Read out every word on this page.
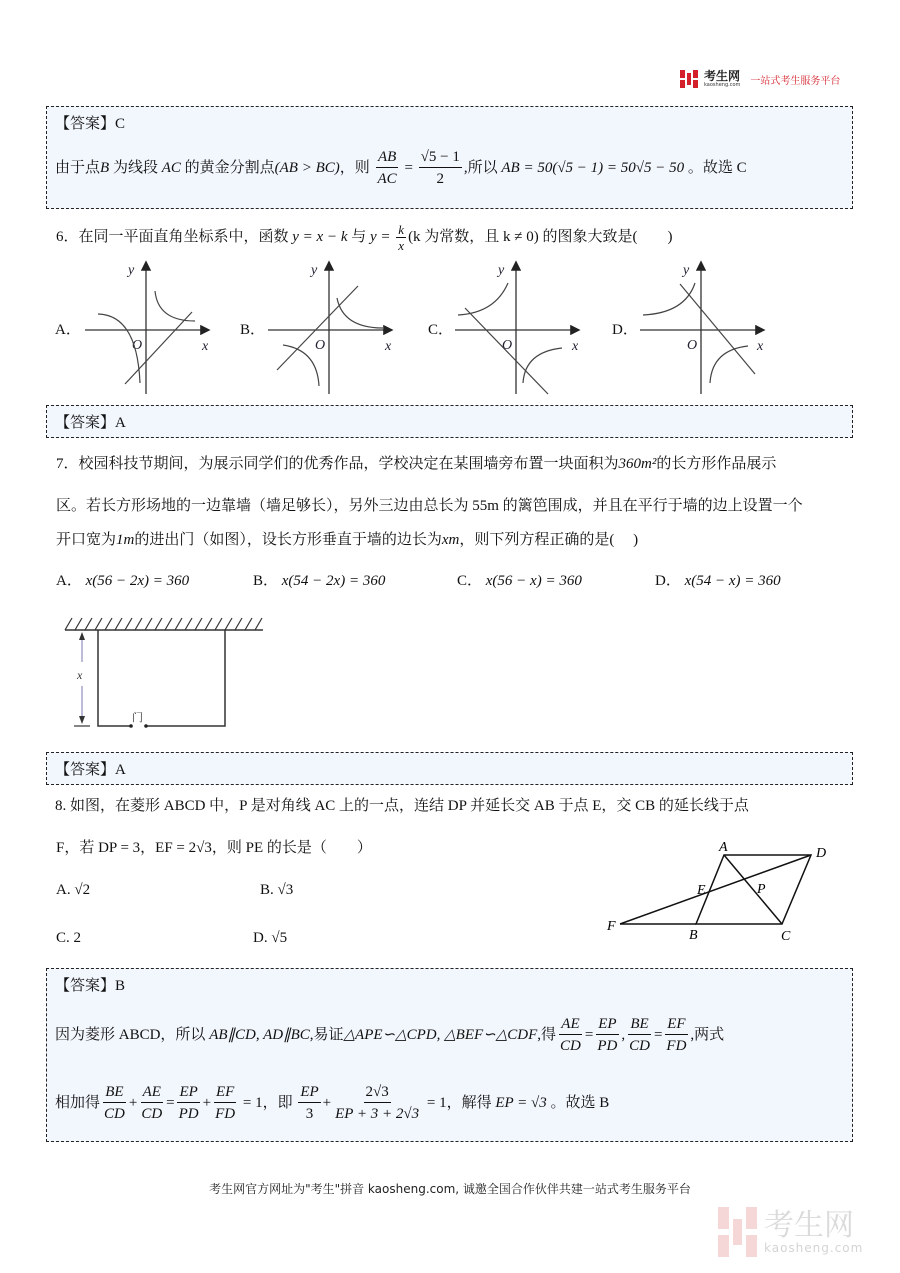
考生网
kaosheng.com 一站式考生服务平台
【答案】C
由于点B 为线段 AC 的黄金分割点(AB > BC)，则 $\frac{AB}{AC} = \frac{√5 - 1}{2}$ ,所以 AB = 50(√5 − 1) = 50√5 − 50 。故选 C
6．在同一平面直角坐标系中，函数 y = x − k 与 $y = \frac{k}{x} (k$ 为常数，且 k ≠ 0) 的图象大致是(　　)
A．
y
x
O
B．
y
x
O
C．
y
x
O
D．
y
x
O
【答案】A
7．校园科技节期间，为展示同学们的优秀作品，学校决定在某围墙旁布置一块面积为360m²的长方形作品展示
区。若长方形场地的一边靠墙（墙足够长），另外三边由总长为 55m 的篱笆围成，并且在平行于墙的边上设置一个
开口宽为1m的进出门（如图），设长方形垂直于墙的边长为xm，则下列方程正确的是(　 )
A． x(56 − 2x) = 360	B． x(54 − 2x) = 360	C． x(56 − x) = 360	D． x(54 − x) = 360
x
门
【答案】A
8. 如图，在菱形 ABCD 中，P 是对角线 AC 上的一点，连结 DP 并延长交 AB 于点 E，交 CB 的延长线于点
F，若 DP = 3，EF = 2√3，则 PE 的长是（　　）
A. √2	B. √3
C. 2	D. √5
A	D
E	P
F
B	C
【答案】B
因为菱形 ABCD，所以 AB∥CD, AD∥BC,易证△APE∽△CPD, △BEF∽△CDF,得 $\frac{AE}{CD} = \frac{EP}{PD}$ , $\frac{BE}{CD} = \frac{EF}{FD}$ ,两式
相加得 $\frac{BE}{CD} + \frac{AE}{CD} = \frac{EP}{PD} + \frac{EF}{FD} = 1$，即 $\frac{EP}{3} + \frac{2√3}{EP + 3 + 2√3} = 1$，解得 EP = √3 。故选 B
考生网官方网址为"考生"拼音 kaosheng.com, 诚邀全国合作伙伴共建一站式考生服务平台
考生网
kaosheng.com
